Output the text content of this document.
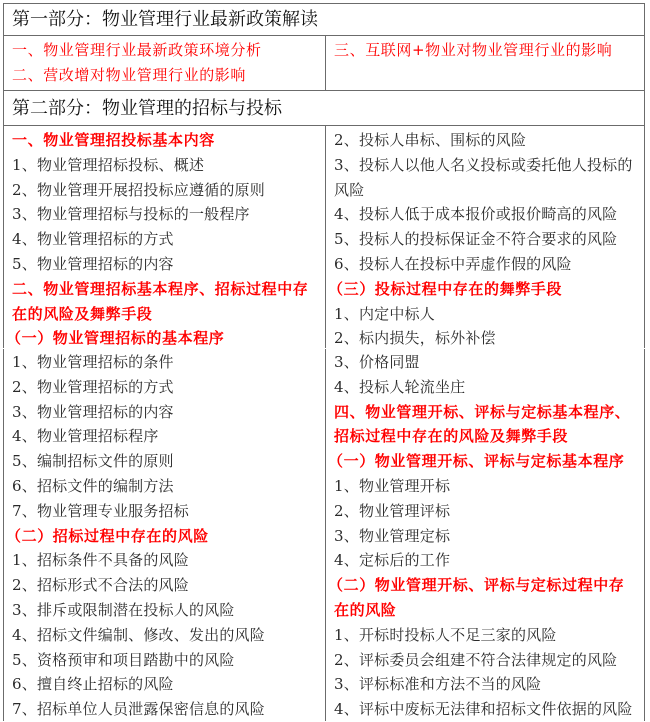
第一部分：物业管理行业最新政策解读
一、物业管理行业最新政策环境分析
二、营改增对物业管理行业的影响
三、互联网+物业对物业管理行业的影响
第二部分：物业管理的招标与投标
一、物业管理招投标基本内容
1、物业管理招标投标、概述
2、物业管理开展招投标应遵循的原则
3、物业管理招标与投标的一般程序
4、物业管理招标的方式
5、物业管理招标的内容
二、物业管理招标基本程序、招标过程中存
在的风险及舞弊手段
（一）物业管理招标的基本程序
2、投标人串标、围标的风险
3、投标人以他人名义投标或委托他人投标的
风险
4、投标人低于成本报价或报价畸高的风险
5、投标人的投标保证金不符合要求的风险
6、投标人在投标中弄虚作假的风险
（三）投标过程中存在的舞弊手段
1、内定中标人
2、标内损失，标外补偿
1、物业管理招标的条件
2、物业管理招标的方式
3、物业管理招标的内容
4、物业管理招标程序
5、编制招标文件的原则
6、招标文件的编制方法
7、物业管理专业服务招标
（二）招标过程中存在的风险
1、招标条件不具备的风险
2、招标形式不合法的风险
3、排斥或限制潜在投标人的风险
4、招标文件编制、修改、发出的风险
5、资格预审和项目踏勘中的风险
6、擅自终止招标的风险
7、招标单位人员泄露保密信息的风险
3、价格同盟
4、投标人轮流坐庄
四、物业管理开标、评标与定标基本程序、
招标过程中存在的风险及舞弊手段
（一）物业管理开标、评标与定标基本程序
1、物业管理开标
2、物业管理评标
3、物业管理定标
4、定标后的工作
（二）物业管理开标、评标与定标过程中存
在的风险
1、开标时投标人不足三家的风险
2、评标委员会组建不符合法律规定的风险
3、评标标准和方法不当的风险
4、评标中废标无法律和招标文件依据的风险
